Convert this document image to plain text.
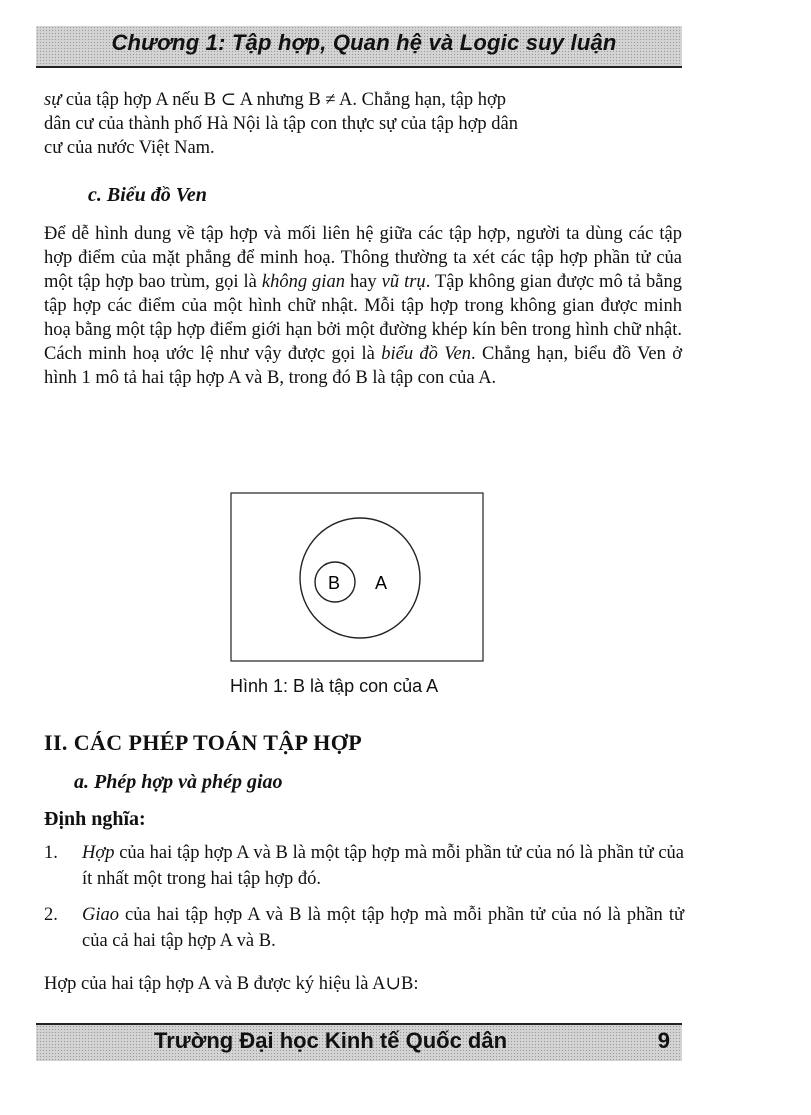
Chương 1: Tập hợp, Quan hệ và Logic suy luận

sự của tập hợp A nếu B ⊂ A nhưng B ≠ A. Chẳng hạn, tập hợp

dân cư của thành phố Hà Nội là tập con thực sự của tập hợp dân

cư của nước Việt Nam.

c. Biểu đồ Ven
Để dễ hình dung về tập hợp và mối liên hệ giữa các tập hợp, người ta dùng các tập hợp điểm của mặt phẳng để minh hoạ. Thông thường ta xét các tập hợp phần tử của một tập hợp bao trùm, gọi là không gian hay vũ trụ. Tập không gian được mô tả bằng tập hợp các điểm của một hình chữ nhật. Mỗi tập hợp trong không gian được minh hoạ bằng một tập hợp điểm giới hạn bởi một đường khép kín bên trong hình chữ nhật. Cách minh hoạ ước lệ như vậy được gọi là biểu đồ Ven. Chẳng hạn, biểu đồ Ven ở hình 1 mô tả hai tập hợp A và B, trong đó B là tập con của A.
B A
Hình 1: B là tập con của A
II. CÁC PHÉP TOÁN TẬP HỢP
a. Phép hợp và phép giao
Định nghĩa:
1. Hợp của hai tập hợp A và B là một tập hợp mà mỗi phần tử của nó là phần tử của ít nhất một trong hai tập hợp đó.
2. Giao của hai tập hợp A và B là một tập hợp mà mỗi phần tử của nó là phần tử của cả hai tập hợp A và B.
Hợp của hai tập hợp A và B được ký hiệu là A∪B:
Trường Đại học Kinh tế Quốc dân	9
